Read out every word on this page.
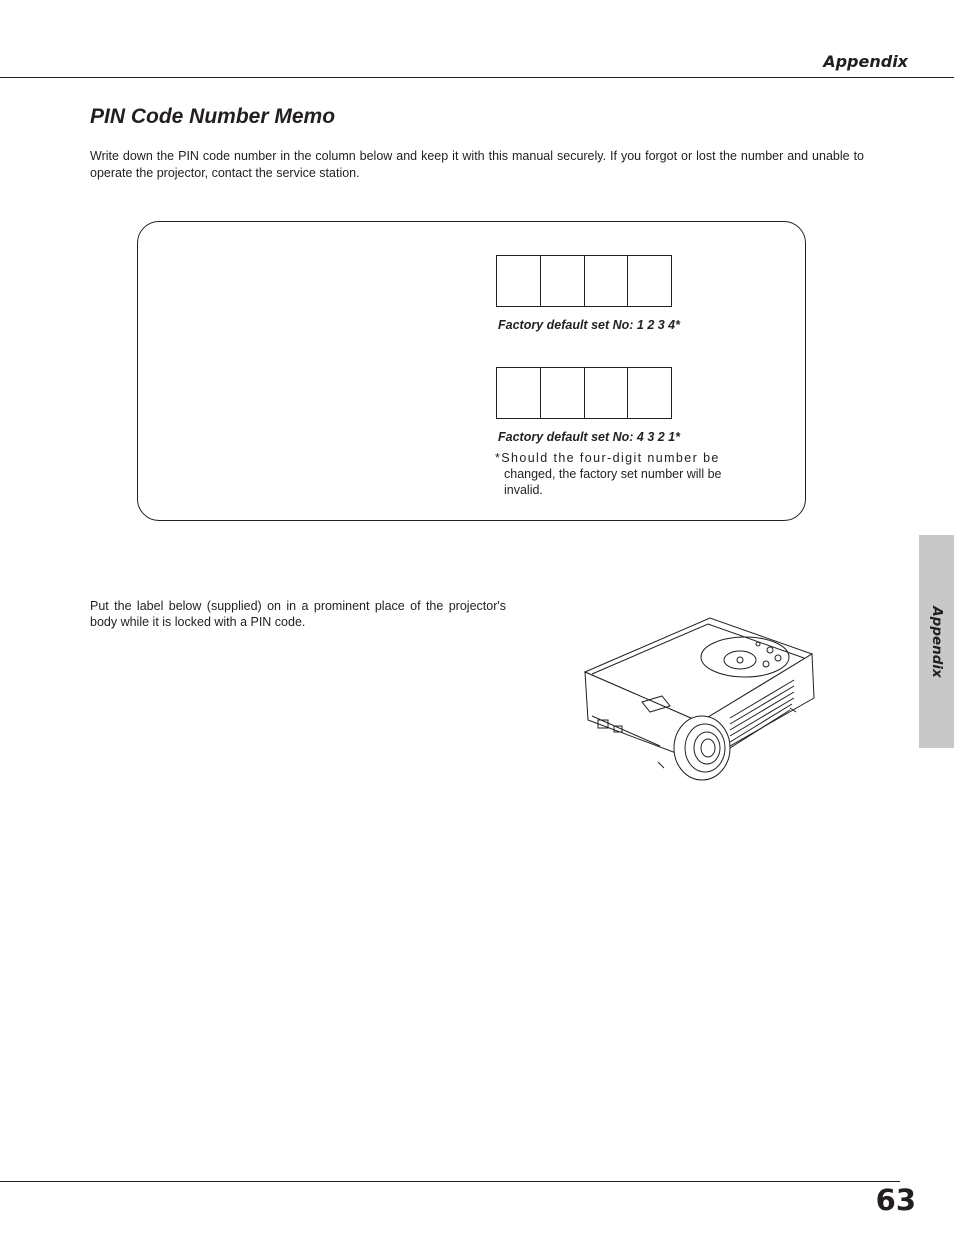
Appendix
PIN Code Number Memo

Write down the PIN code number in the column below and keep it with this manual securely. If you forgot or lost the number and unable to operate the projector, contact the service station.

Factory default set No: 1 2 3 4*
Factory default set No: 4 3 2 1*

*Should the four-digit number be
changed, the factory set number will be invalid.

Appendix

Put the label below (supplied) on in a prominent place of the projector's body while it is locked with a PIN code.

63
